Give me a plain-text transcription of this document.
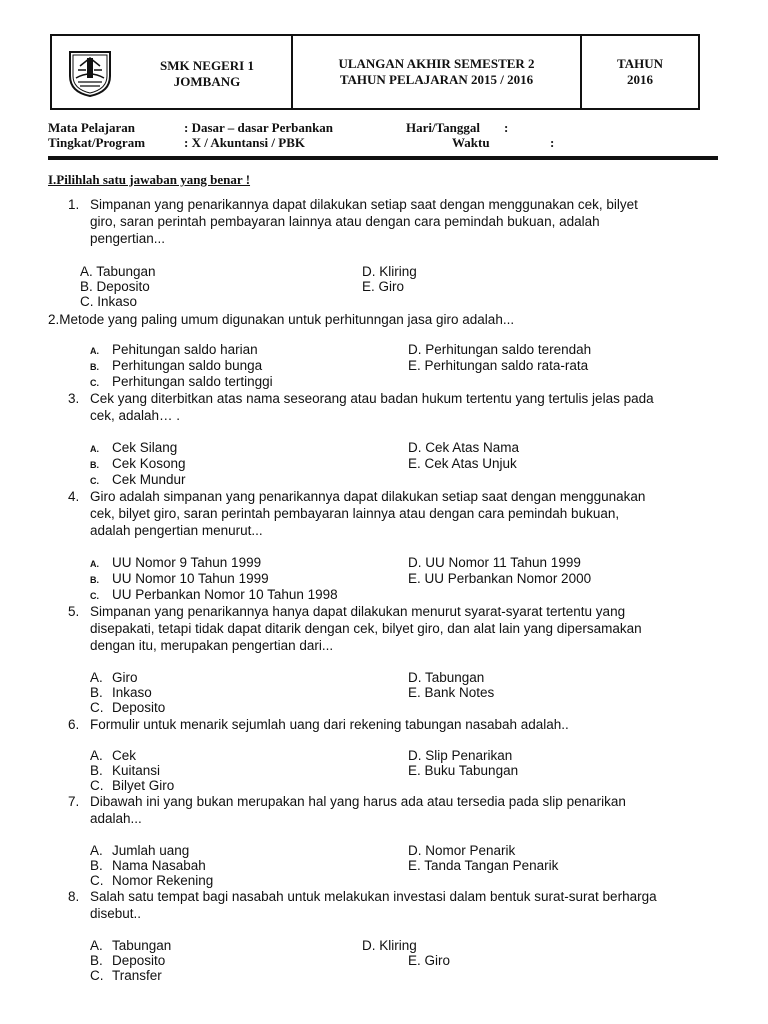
SMK NEGERI 1
JOMBANG
ULANGAN AKHIR SEMESTER 2
TAHUN PELAJARAN 2015 / 2016
TAHUN
2016
Mata Pelajaran	: Dasar – dasar Perbankan	Hari/Tanggal :
Tingkat/Program	: X / Akuntansi / PBK	Waktu	:
I.Pilihlah satu jawaban yang benar !
1. Simpanan yang penarikannya dapat dilakukan setiap saat dengan menggunakan cek, bilyet
giro, saran perintah pembayaran lainnya atau dengan cara pemindah bukuan, adalah
pengertian...
A. Tabungan
B. Deposito
C. Inkaso
D. Kliring
E. Giro
2.Metode yang paling umum digunakan untuk perhitunngan jasa giro adalah...
A. Pehitungan saldo harian
B. Perhitungan saldo bunga
C. Perhitungan saldo tertinggi
D. Perhitungan saldo terendah
E. Perhitungan saldo rata-rata
3. Cek yang diterbitkan atas nama seseorang atau badan hukum tertentu yang tertulis jelas pada
cek, adalah… .
A. Cek Silang
B. Cek Kosong
C. Cek Mundur
D. Cek Atas Nama
E. Cek Atas Unjuk
4. Giro adalah simpanan yang penarikannya dapat dilakukan setiap saat dengan menggunakan
cek, bilyet giro, saran perintah pembayaran lainnya atau dengan cara pemindah bukuan,
adalah pengertian menurut...
A. UU Nomor 9 Tahun 1999
B. UU Nomor 10 Tahun 1999
C. UU Perbankan Nomor 10 Tahun 1998
D. UU Nomor 11 Tahun 1999
E. UU Perbankan Nomor 2000
5. Simpanan yang penarikannya hanya dapat dilakukan menurut syarat-syarat tertentu yang
disepakati, tetapi tidak dapat ditarik dengan cek, bilyet giro, dan alat lain yang dipersamakan
dengan itu, merupakan pengertian dari...
A. Giro
B. Inkaso
C. Deposito
D. Tabungan
E. Bank Notes
6. Formulir untuk menarik sejumlah uang dari rekening tabungan nasabah adalah..
A. Cek
B. Kuitansi
C. Bilyet Giro
D. Slip Penarikan
E. Buku Tabungan
7. Dibawah ini yang bukan merupakan hal yang harus ada atau tersedia pada slip penarikan
adalah...
A. Jumlah uang
B. Nama Nasabah
C. Nomor Rekening
D. Nomor Penarik
E. Tanda Tangan Penarik
8. Salah satu tempat bagi nasabah untuk melakukan investasi dalam bentuk surat-surat berharga
disebut..
A. Tabungan
B. Deposito
C. Transfer
D. Kliring
E. Giro
